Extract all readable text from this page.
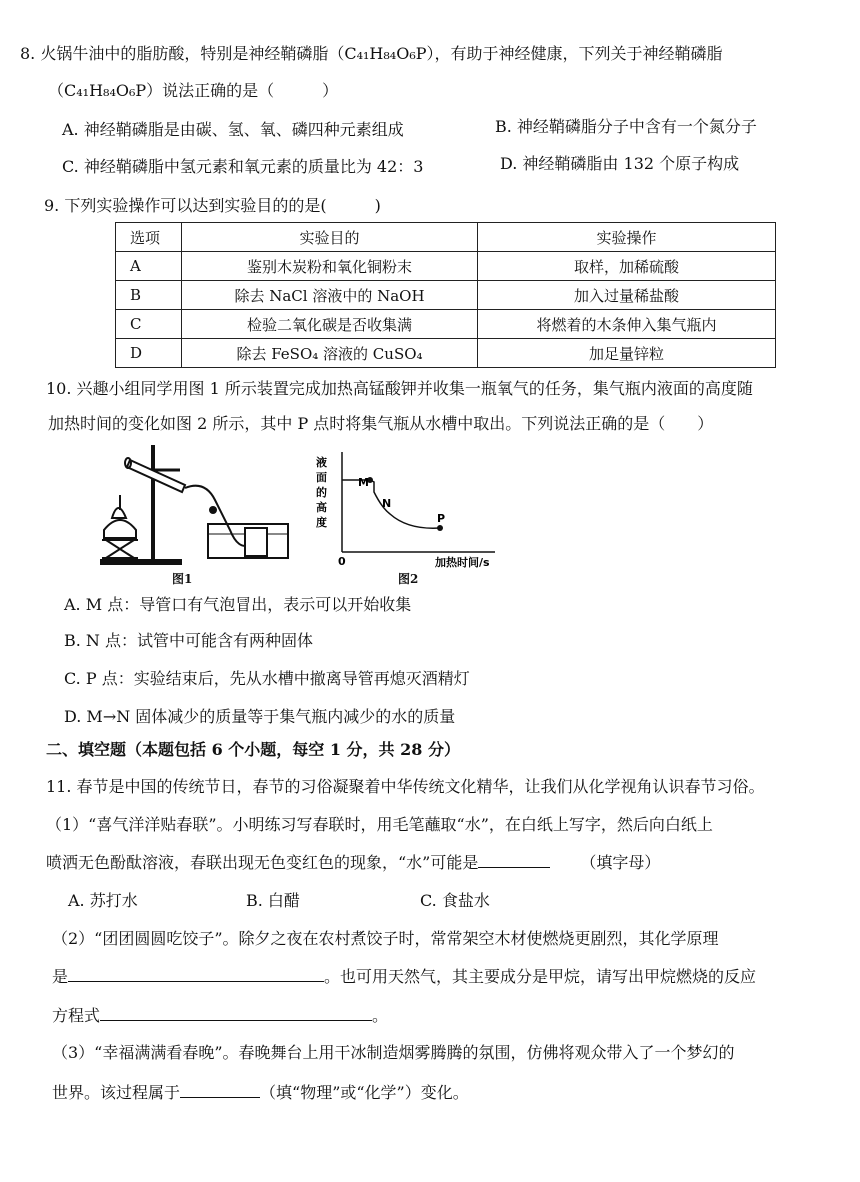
8. 火锅牛油中的脂肪酸，特别是神经鞘磷脂（C₄₁H₈₄O₆P），有助于神经健康，下列关于神经鞘磷脂
（C₄₁H₈₄O₆P）说法正确的是（　　　）
A. 神经鞘磷脂是由碳、氢、氧、磷四种元素组成	B. 神经鞘磷脂分子中含有一个氮分子
C. 神经鞘磷脂中氢元素和氧元素的质量比为 42：3	D. 神经鞘磷脂由 132 个原子构成
9. 下列实验操作可以达到实验目的的是(　　　)
选项	实验目的	实验操作
A	鉴别木炭粉和氧化铜粉末	取样，加稀硫酸
B	除去 NaCl 溶液中的 NaOH	加入过量稀盐酸
C	检验二氧化碳是否收集满	将燃着的木条伸入集气瓶内
D	除去 FeSO₄ 溶液的 CuSO₄	加足量锌粒
10. 兴趣小组同学用图 1 所示装置完成加热高锰酸钾并收集一瓶氧气的任务，集气瓶内液面的高度随
加热时间的变化如图 2 所示，其中 P 点时将集气瓶从水槽中取出。下列说法正确的是（　　）
图1
M
N
P
0	加热时间/s
液
面
的
高
度
图2
A. M 点：导管口有气泡冒出，表示可以开始收集
B. N 点：试管中可能含有两种固体
C. P 点：实验结束后，先从水槽中撤离导管再熄灭酒精灯
D. M→N 固体减少的质量等于集气瓶内减少的水的质量
二、填空题（本题包括 6 个小题，每空 1 分，共 28 分）
11. 春节是中国的传统节日，春节的习俗凝聚着中华传统文化精华，让我们从化学视角认识春节习俗。
（1）“喜气洋洋贴春联”。小明练习写春联时，用毛笔蘸取“水”，在白纸上写字，然后向白纸上
喷洒无色酚酞溶液，春联出现无色变红色的现象，“水”可能是	（填字母）
A. 苏打水	B. 白醋	C. 食盐水
（2）“团团圆圆吃饺子”。除夕之夜在农村煮饺子时，常常架空木材使燃烧更剧烈，其化学原理
是	。也可用天然气，其主要成分是甲烷，请写出甲烷燃烧的反应
方程式	。
（3）“幸福满满看春晚”。春晚舞台上用干冰制造烟雾腾腾的氛围，仿佛将观众带入了一个梦幻的
世界。该过程属于	（填“物理”或“化学”）变化。
